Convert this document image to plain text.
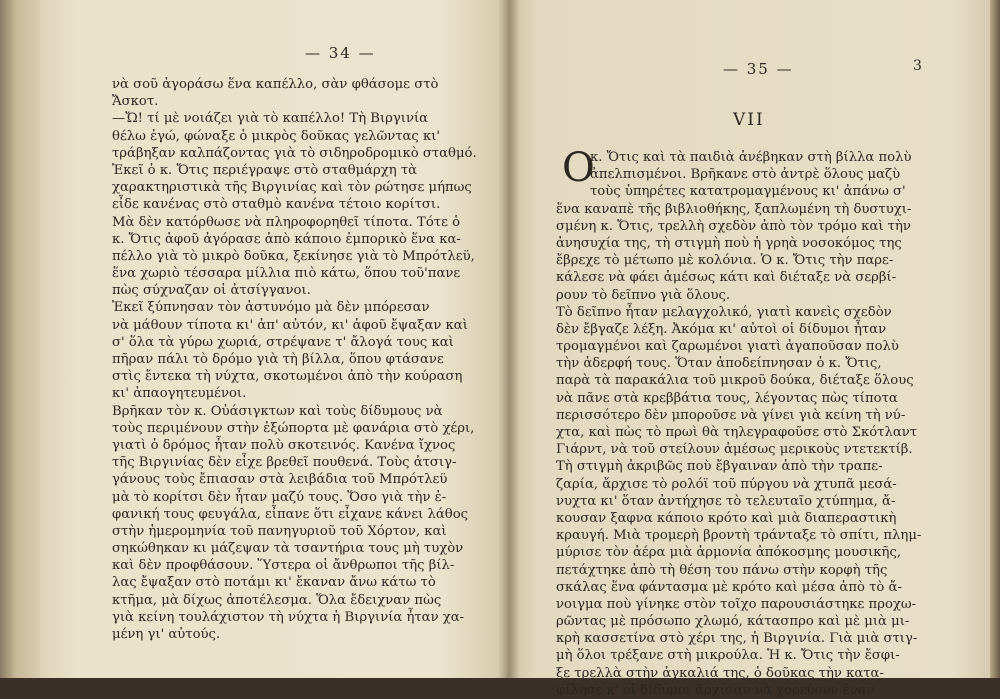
— 34 —
νὰ σοῦ ἀγοράσω ἕνα καπέλλο, σὰν φθάσομε στὸ
Ἄσκοτ.
—Ὤ! τί μὲ νοιάζει γιὰ τὸ καπέλλο! Τὴ Βιργινία
θέλω ἐγώ, φώναξε ὁ μικρὸς δοῦκας γελῶντας κι'
τράβηξαν καλπάζοντας γιὰ τὸ σιδηροδρομικὸ σταθμό.
Ἐκεῖ ὁ κ. Ὄτις περιέγραψε στὸ σταθμάρχη τὰ
χαρακτηριστικὰ τῆς Βιργινίας καὶ τὸν ρώτησε μήπως
εἶδε κανένας στὸ σταθμὸ κανένα τέτοιο κορίτσι.
Μὰ δὲν κατόρθωσε νὰ πληροφορηθεῖ τίποτα. Τότε ὁ
κ. Ὄτις ἀφοῦ ἀγόρασε ἀπὸ κάποιο ἐμπορικὸ ἕνα κα-
πέλλο γιὰ τὸ μικρὸ δοῦκα, ξεκίνησε γιὰ τὸ Μπρότλεϋ,
ἕνα χωριὸ τέσσαρα μίλλια πιὸ κάτω, ὅπου τοῦ'πανε
πὼς σύχναζαν οἱ ἀτσίγγανοι.
Ἐκεῖ ξύπνησαν τὸν ἀστυνόμο μὰ δὲν μπόρεσαν
νὰ μάθουν τίποτα κι' ἀπ' αὐτόν, κι' ἀφοῦ ἔψαξαν καὶ
σ' ὅλα τὰ γύρω χωριά, στρέψανε τ' ἄλογά τους καὶ
πῆραν πάλι τὸ δρόμο γιὰ τὴ βίλλα, ὅπου φτάσανε
στὶς ἔντεκα τὴ νύχτα, σκοτωμένοι ἀπὸ τὴν κούραση
κι' ἀπαογητευμένοι.
Βρῆκαν τὸν κ. Οὐάσιγκτων καὶ τοὺς δίδυμους νὰ
τοὺς περιμένουν στὴν ἐξώπορτα μὲ φανάρια στὸ χέρι,
γιατὶ ὁ δρόμος ἦταν πολὺ σκοτεινός. Κανένα ἴχνος
τῆς Βιργινίας δὲν εἶχε βρεθεῖ πουθενά. Τοὺς ἀτσιγ-
γάνους τοὺς ἔπιασαν στὰ λειβάδια τοῦ Μπρότλεϋ
μὰ τὸ κορίτσι δὲν ἦταν μαζύ τους. Ὅσο γιὰ τὴν ἐ-
φανική τους φευγάλα, εἶπανε ὅτι εἶχανε κάνει λάθος
στὴν ἡμερομηνία τοῦ πανηγυριοῦ τοῦ Χόρτον, καὶ
σηκώθηκαν κι μάζεψαν τὰ τσαντήρια τους μὴ τυχὸν
καὶ δὲν προφθάσουν. Ὕστερα οἱ ἄνθρωποι τῆς βίλ-
λας ἔψαξαν στὸ ποτάμι κι' ἔκαναν ἄνω κάτω τὸ
κτῆμα, μὰ δίχως ἀποτέλεσμα. Ὅλα ἔδειχναν πὼς
γιὰ κείνη τουλάχιστον τὴ νύχτα ἡ Βιργινία ἦταν χα-
μένη γι' αὐτούς.
— 35 —	3
VII
Ο
κ. Ὄτις καὶ τὰ παιδιὰ ἀνέβηκαν στὴ βίλλα πολὺ
ἀπελπισμένοι. Βρῆκανε στὸ ἀντρὲ ὅλους μαζὺ
τοὺς ὑπηρέτες κατατρομαγμένους κι' ἀπάνω σ'
ἕνα καναπὲ τῆς βιβλιοθήκης, ξαπλωμένη τὴ δυστυχι-
σμένη κ. Ὄτις, τρελλὴ σχεδὸν ἀπὸ τὸν τρόμο καὶ τὴν
ἀνησυχία της, τὴ στιγμὴ ποὺ ἡ γρηὰ νοσοκόμος της
ἔβρεχε τὸ μέτωπο μὲ κολόνια. Ὁ κ. Ὄτις τὴν παρε-
κάλεσε νὰ φάει ἀμέσως κάτι καὶ διέταξε νὰ σερβί-
ρουν τὸ δεῖπνο γιὰ ὅλους.
Τὸ δεῖπνο ἦταν μελαγχολικό, γιατὶ κανεὶς σχεδὸν
δὲν ἔβγαζε λέξη. Ἀκόμα κι' αὐτοὶ οἱ δίδυμοι ἦταν
τρομαγμένοι καὶ ζαρωμένοι γιατὶ ἀγαποῦσαν πολὺ
τὴν ἀδερφή τους. Ὅταν ἀποδείπνησαν ὁ κ. Ὄτις,
παρὰ τὰ παρακάλια τοῦ μικροῦ δούκα, διέταξε ὅλους
νὰ πᾶνε στὰ κρεββάτια τους, λέγοντας πὼς τίποτα
περισσότερο δὲν μποροῦσε νὰ γίνει γιὰ κείνη τὴ νύ-
χτα, καὶ πὼς τὸ πρωὶ θὰ τηλεγραφοῦσε στὸ Σκότλαντ
Γιάρντ, νὰ τοῦ στείλουν ἀμέσως μερικοὺς ντετεκτίβ.
Τὴ στιγμὴ ἀκριβῶς ποὺ ἔβγαιναν ἀπὸ τὴν τραπε-
ζαρία, ἄρχισε τὸ ρολόϊ τοῦ πύργου νὰ χτυπᾶ μεσά-
νυχτα κι' ὅταν ἀντήχησε τὸ τελευταῖο χτύπημα, ἄ-
κουσαν ξαφνα κάποιο κρότο καὶ μιὰ διαπεραστικὴ
κραυγή. Μιὰ τρομερὴ βροντὴ τράνταξε τὸ σπίτι, πλημ-
μύρισε τὸν ἀέρα μιὰ ἁρμονία ἀπόκοσμης μουσικῆς,
πετάχτηκε ἀπὸ τὴ θέση του πάνω στὴν κορφὴ τῆς
σκάλας ἕνα φάντασμα μὲ κρότο καὶ μέσα ἀπὸ τὸ ἄ-
νοιγμα ποὺ γίνηκε στὸν τοῖχο παρουσιάστηκε προχω-
ρῶντας μὲ πρόσωπο χλωμό, κάτασπρο καὶ μὲ μιὰ μι-
κρὴ κασσετίνα στὸ χέρι της, ἡ Βιργινία. Γιὰ μιὰ στιγ-
μὴ ὅλοι τρέξανε στὴ μικρούλα. Ἡ κ. Ὄτις τὴν ἔσφι-
ξε τρελλὰ στὴν ἀγκαλιά της, ὁ δοῦκας τὴν κατα-
φίλησε κ' οἱ δίδυμοι ἄρχισαν νὰ χορεύουν ἕναν
